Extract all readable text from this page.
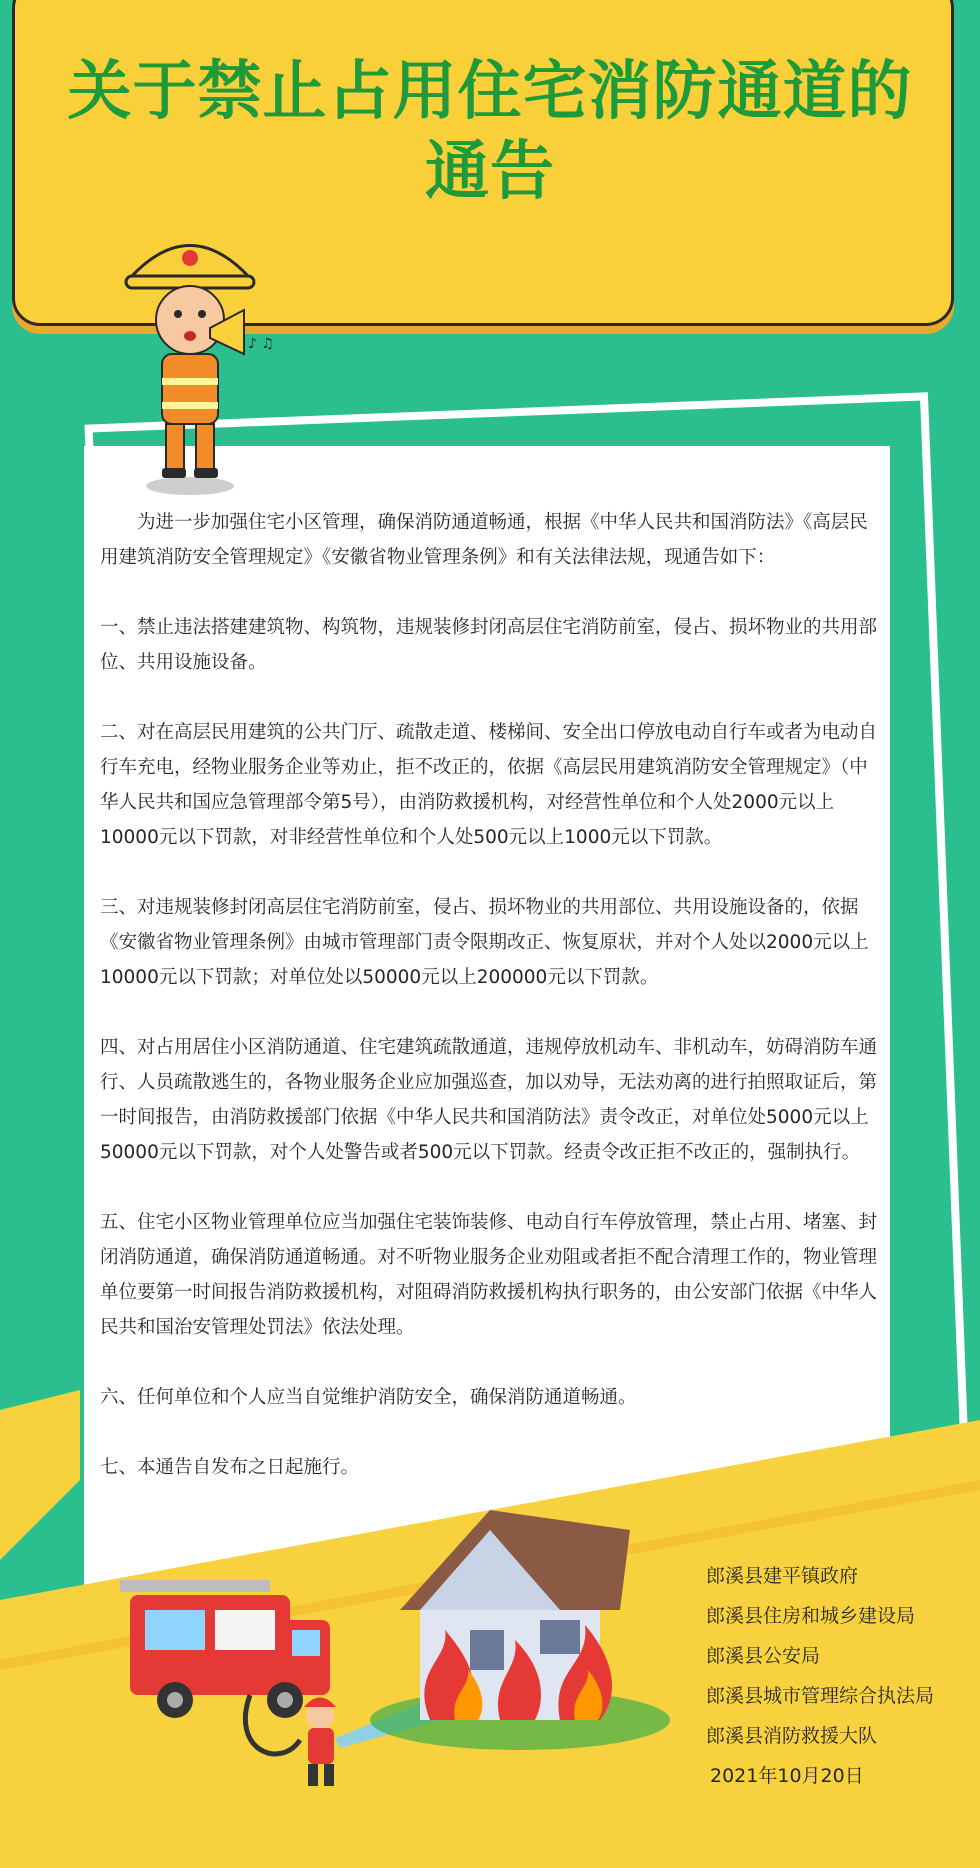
♪ ♫
关于禁止占用住宅消防通道的
通告

为进一步加强住宅小区管理，确保消防通道畅通，根据《中华人民共和国消防法》《高层民用建筑消防安全管理规定》《安徽省物业管理条例》和有关法律法规，现通告如下：

一、禁止违法搭建建筑物、构筑物，违规装修封闭高层住宅消防前室，侵占、损坏物业的共用部位、共用设施设备。

二、对在高层民用建筑的公共门厅、疏散走道、楼梯间、安全出口停放电动自行车或者为电动自行车充电，经物业服务企业等劝止，拒不改正的，依据《高层民用建筑消防安全管理规定》（中华人民共和国应急管理部令第5号），由消防救援机构，对经营性单位和个人处2000元以上10000元以下罚款，对非经营性单位和个人处500元以上1000元以下罚款。

三、对违规装修封闭高层住宅消防前室，侵占、损坏物业的共用部位、共用设施设备的，依据《安徽省物业管理条例》由城市管理部门责令限期改正、恢复原状，并对个人处以2000元以上10000元以下罚款；对单位处以50000元以上200000元以下罚款。

四、对占用居住小区消防通道、住宅建筑疏散通道，违规停放机动车、非机动车，妨碍消防车通行、人员疏散逃生的，各物业服务企业应加强巡查，加以劝导，无法劝离的进行拍照取证后，第一时间报告，由消防救援部门依据《中华人民共和国消防法》责令改正，对单位处5000元以上50000元以下罚款，对个人处警告或者500元以下罚款。经责令改正拒不改正的，强制执行。

五、住宅小区物业管理单位应当加强住宅装饰装修、电动自行车停放管理，禁止占用、堵塞、封闭消防通道，确保消防通道畅通。对不听物业服务企业劝阻或者拒不配合清理工作的，物业管理单位要第一时间报告消防救援机构，对阻碍消防救援机构执行职务的，由公安部门依据《中华人民共和国治安管理处罚法》依法处理。

六、任何单位和个人应当自觉维护消防安全，确保消防通道畅通。

七、本通告自发布之日起施行。

郎溪县建平镇政府
郎溪县住房和城乡建设局
郎溪县公安局
郎溪县城市管理综合执法局
郎溪县消防救援大队
2021年10月20日
